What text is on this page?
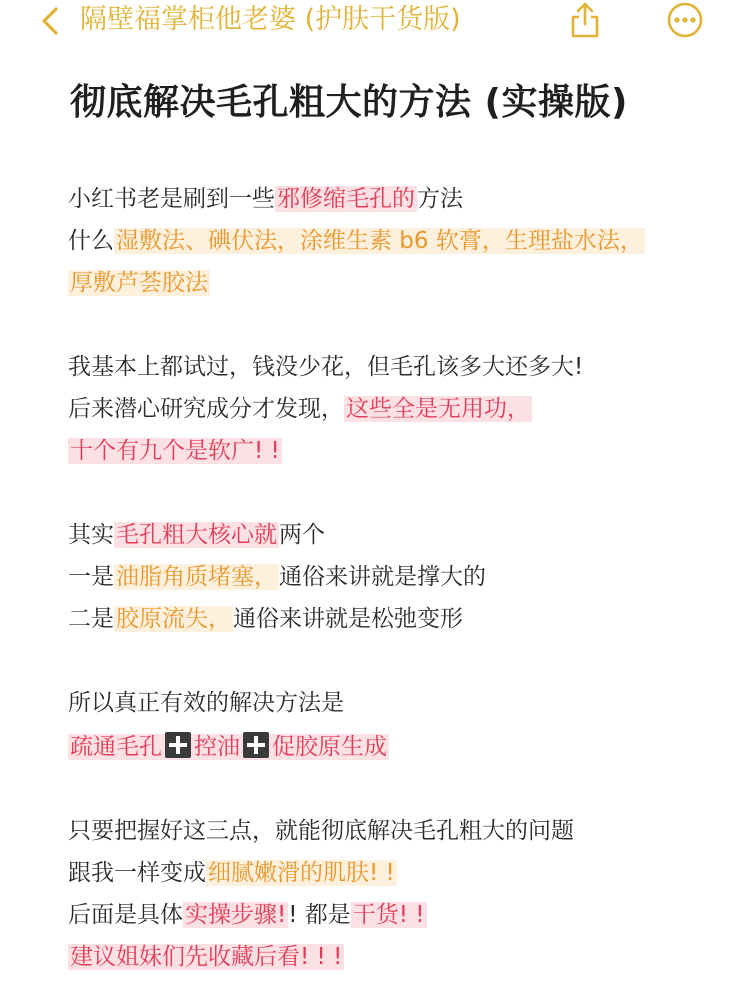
隔壁福掌柜他老婆 (护肤干货版)
彻底解决毛孔粗大的方法 (实操版)
小红书老是刷到一些邪修缩毛孔的方法
什么湿敷法、碘伏法，涂维生素 b6 软膏，生理盐水法，
厚敷芦荟胶法
我基本上都试过，钱没少花，但毛孔该多大还多大!
后来潜心研究成分才发现，这些全是无用功，
十个有九个是软广! !
其实毛孔粗大核心就两个
一是油脂角质堵塞，通俗来讲就是撑大的
二是胶原流失，通俗来讲就是松弛变形
所以真正有效的解决方法是
疏通毛孔 控油 促胶原生成
只要把握好这三点，就能彻底解决毛孔粗大的问题
跟我一样变成细腻嫩滑的肌肤! !
后面是具体实操步骤!! 都是干货! !
建议姐妹们先收藏后看! ! !
